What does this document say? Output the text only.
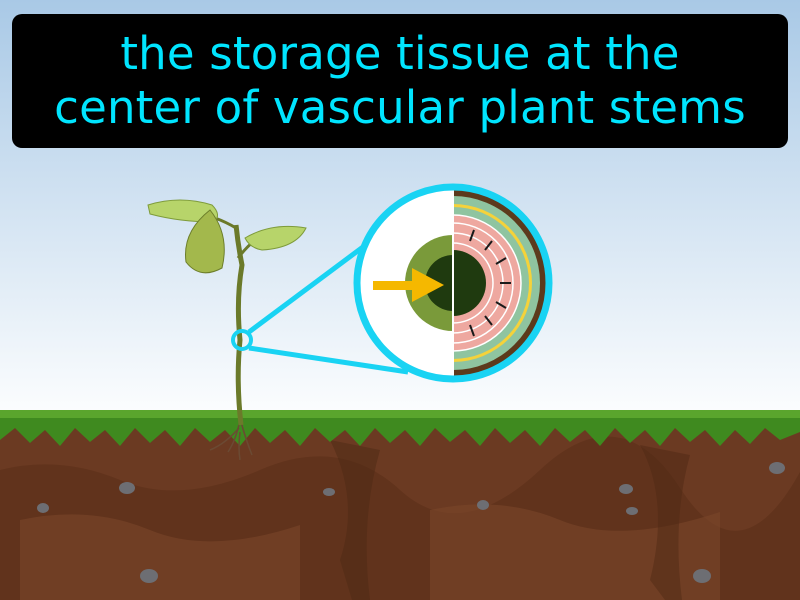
the storage tissue at the
center of vascular plant stems
